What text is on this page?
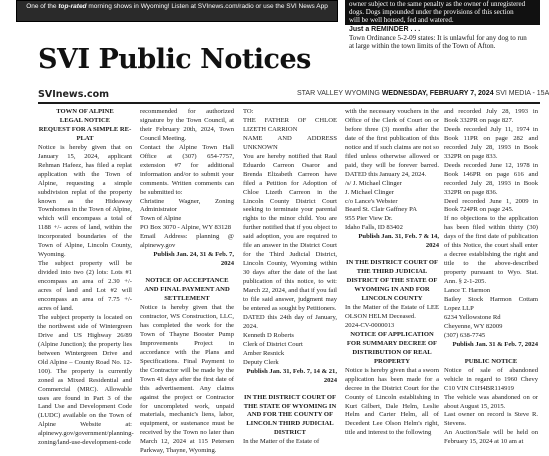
One of the top-rated morning shows in Wyoming! Listen at SVInews.com/radio or use the SVI News App	owner subject to the same penalty as the owner of unregistered
dogs. Dogs impounded under the provisions of this section
will be well housed, fed and watered.
Just a REMINDER . . .
Town Ordinance 5-2-09 states: It is unlawful for any dog to run
at large within the town limits of the Town of Afton.
SVI Public Notices
SVInews.com	STAR VALLEY WYOMING WEDNESDAY, FEBRUARY 7, 2024 SVI MEDIA - 15A

TOWN OF ALPINE

LEGAL NOTICE

REQUEST FOR A SIMPLE RE-PLAT

Notice is hereby given that on January 15, 2024, applicant Rehman Hafeez, has filed a replat application with the Town of Alpine, requesting a simple subdivision replat of the property known as the Hideaway Townhomes in the Town of Alpine, which will encompass a total of 1188 +/- acres of land, within the incorporated boundaries of the Town of Alpine, Lincoln County, Wyoming.

The subject property will be divided into two (2) lots: Lots #1 encompass an area of 2.30 +/- acres of land and Lot #2 will encompass an area of 7.75 +/- acres of land.

The subject property is located on the northwest side of Wintergreen Drive and US Highway 26/89 (Alpine Junction); the property lies between Wintergreen Drive and Old Alpine – County Road No. 12-100). The property is currently zoned as Mixed Residential and Commercial (MRC). Allowable uses are found in Part 3 of the Land Use and Development Code (LUDC) available on the Town of Alpine Website at: alpinewy.gov/government/planning-zoning/land-use-development-code

recommended for authorized signature by the Town Council, at their February 20th, 2024, Town Council Meeting.

Contact the Alpine Town Hall Office at (307) 654-7757, extension #7 for additional information and/or to submit your comments. Written comments can be submitted to:

Christine Wagner, Zoning Administrator

Town of Alpine

PO Box 3070 - Alpine, WY 83128

Email Address: planning @ alpinewy.gov

Publish Jan. 24, 31 & Feb. 7, 2024

NOTICE OF ACCEPTANCE AND FINAL PAYMENT AND SETTLEMENT

Notice is hereby given that the contractor, WS Construction, LLC, has completed the work for the Town of Thayne Booster Pump Improvements Project in accordance with the Plans and Specifications. Final Payment to the Contractor will be made by the Town 41 days after the first date of this advertisement. Any claims against the project or Contractor for uncompleted work, unpaid materials, mechanic's liens, labor, equipment, or sustenance must be received by the Town no later than March 12, 2024 at 115 Petersen Parkway, Thayne, Wyoming.

TO:

THE FATHER OF CHLOE LIZETH CARRION

NAME AND ADDRESS UNKNOWN

You are hereby notified that Raul Eduardo Carreon Osaror and Brenda Elizabeth Carreon have filed a Petition for Adoption of Chloe Lizeth Carreon in the Lincoln County District Court seeking to terminate your parental rights to the minor child. You are further notified that if you object to said adoption, you are required to file an answer in the District Court for the Third Judicial District, Lincoln County, Wyoming within 30 days after the date of the last publication of this notice, to wit: March 22, 2024, and that if you fail to file said answer, judgment may be entered as sought by Petitioners.

DATED this 24th day of January, 2024.

Kenneth D Roberts

Clerk of District Court

Amber Resnick

Deputy Clerk

Publish Jan. 31, Feb. 7, 14 & 21, 2024

IN THE DISTRICT COURT OF THE STATE OF WYOMING IN AND FOR THE COUNTY OF LINCOLN THIRD JUDICIAL DISTRICT

In the Matter of the Estate of

with the necessary vouchers in the Office of the Clerk of Court on or before three (3) months after the date of the first publication of this notice and if such claims are not so filed unless otherwise allowed or paid, they will be forever barred. DATED this January 24, 2024.

/s/ J. Michael Clinger

J. Michael Clinger

c/o Lance's Webster

Beard St. Clair Gaffney PA

955 Pier View Dr.

Idaho Falls, ID 83402

Publish Jan. 31, Feb. 7 & 14, 2024

IN THE DISTRICT COURT OF THE THIRD JUDICIAL DISTRICT OF THE STATE OF WYOMING IN AND FOR LINCOLN COUNTY

In the Matter of the Estate of LEE OLSON HELM Deceased.

2024-CV-0000013

NOTICE OF APPLICATION FOR SUMMARY DECREE OF DISTRIBUTION OF REAL PROPERTY

Notice is hereby given that a sworn application has been made for a decree in the District Court for the County of Lincoln establishing in Kurt Gilbert, Dale Helm, Leslie Helm and Carter Helm, all of Decedent Lee Olson Helm's right, title and interest to the following

and recorded July 28, 1993 in Book 332PR on page 827.

Deeds recorded July 11, 1974 in Book 11PR on page 282 and recorded July 28, 1993 in Book 332PR on page 833.

Deeds recorded June 12, 1978 in Book 146PR on page 616 and recorded July 28, 1993 in Book 332PR on page 836.

Deed recorded June 1, 2009 in Book 724PR on page 245.

If no objections to the application has been filed within thirty (30) days of the first date of publication of this Notice, the court shall enter a decree establishing the right and title to the above-described property pursuant to Wyo. Stat. Ann. § 2-1-205.

Lance T. Harmon

Bailey Stock Harmon Cottam Lopez LLP

6234 Yellowstone Rd

Cheyenne, WY 82009

(307) 638-7745

Publish Jan. 31 & Feb. 7, 2024

PUBLIC NOTICE

Notice of sale of abandoned vehicle in regard to 1960 Chevy C10 VIN C1H4BR114919

The vehicle was abandoned on or about August 15, 2015.

Last owner on record is Steve R. Stevens.

An Auction/Sale will be held on February 15, 2024 at 10 am at
